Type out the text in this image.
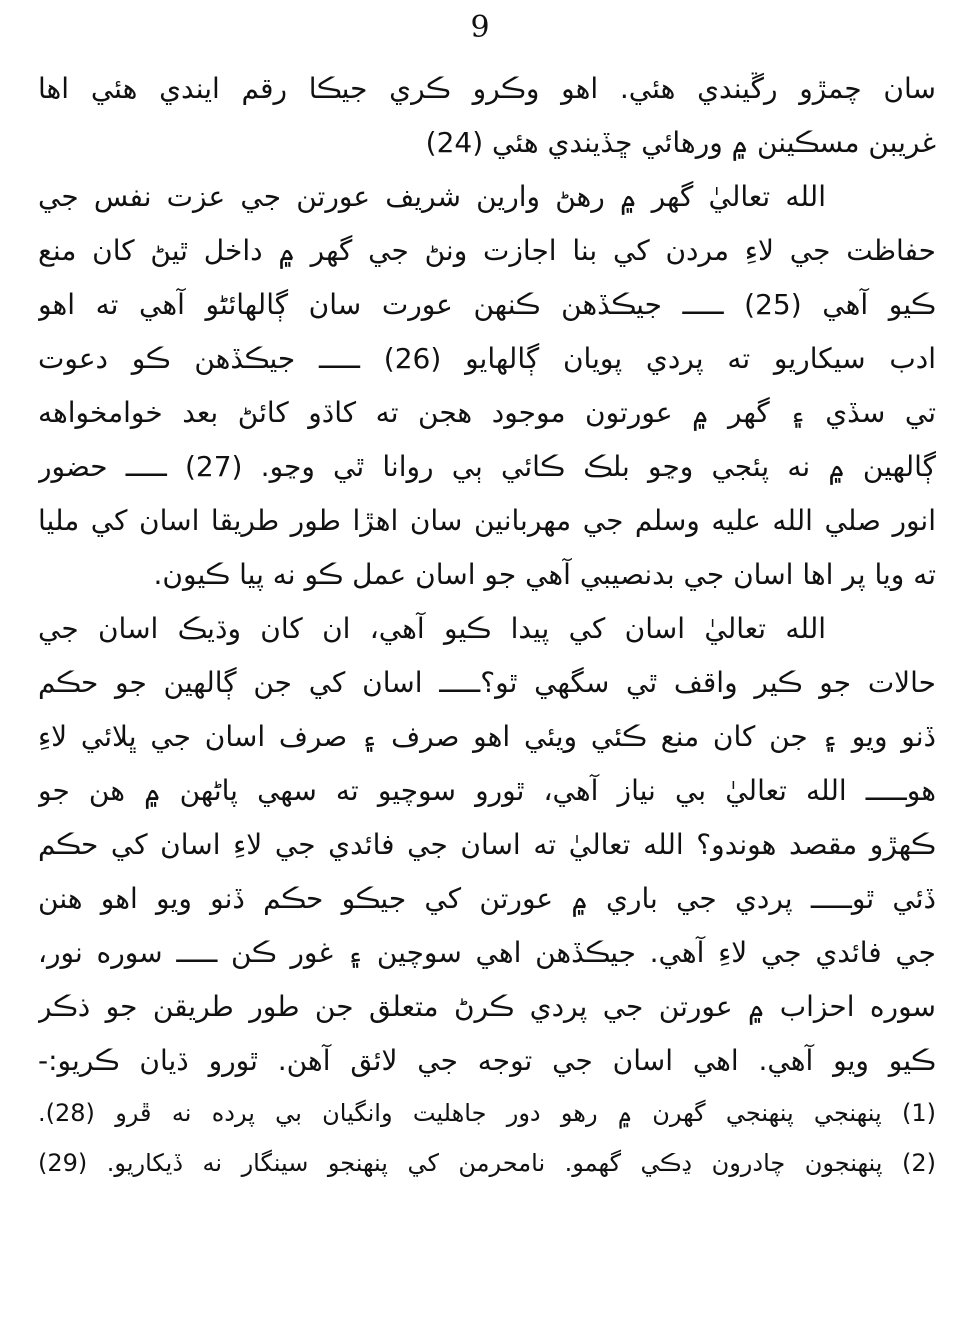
9
سان چمڙو رڱيندي هئي. اهو وڪرو ڪري جيڪا رقم ايندي هئي اها
غريبن مسڪينن ۾ ورهائي ڇڏيندي هئي (24)
الله تعاليٰ گهر ۾ رهڻ وارين شريف عورتن جي عزت نفس جي
حفاظت جي لاءِ مردن کي بنا اجازت ونڻ جي گهر ۾ داخل ٿيڻ کان منع
ڪيو آهي (25) ـــــ جيڪڏهن ڪنهن عورت سان ڳالهائڻو آهي ته اهو
ادب سيکاريو ته پردي پويان ڳالهايو (26) ـــــ جيڪڏهن ڪو دعوت
تي سڏي ۽ گهر ۾ عورتون موجود هجن ته کاڌو کائڻ بعد خوامخواهه
ڳالهين ۾ نه پئجي وڃو بلڪ ڪائي ٻي روانا ٿي وڃو. (27) ـــــ حضور
انور صلي الله عليه وسلم جي مهربانين سان اهڙا طور طريقا اسان کي مليا
ته ويا پر اها اسان جي بدنصيبي آهي جو اسان عمل ڪو نه پيا ڪيون.
الله تعاليٰ اسان کي پيدا ڪيو آهي، ان کان وڌيڪ اسان جي
حالات جو ڪير واقف ٿي سگهي ٿو؟ـــــ اسان کي جن ڳالهين جو حڪم
ڏنو ويو ۽ جن کان منع ڪئي ويئي اهو صرف ۽ صرف اسان جي ڀلائي لاءِ
هوـــــ الله تعاليٰ بي نياز آهي، ٿورو سوچيو ته سهي پاڻهن ۾ هن جو
ڪهڙو مقصد هوندو؟ الله تعاليٰ ته اسان جي فائدي جي لاءِ اسان کي حڪم
ڏئي ٿوـــــ پردي جي باري ۾ عورتن کي جيڪو حڪم ڏنو ويو اهو هنن
جي فائدي جي لاءِ آهي. جيڪڏهن اهي سوچين ۽ غور ڪن ـــــ سوره نور،
سوره احزاب ۾ عورتن جي پردي ڪرڻ متعلق جن طور طريقن جو ذڪر
ڪيو ويو آهي. اهي اسان جي توجه جي لائق آهن. ٿورو ڌيان ڪريو:-
(1) پنهنجي پنهنجي گهرن ۾ رهو دور جاهليت وانگيان بي پرده نه ڦرو (28).
(2) پنهنجون چادرون ڍڪي گهمو. نامحرمن کي پنهنجو سينگار نه ڏيکاريو. (29)
